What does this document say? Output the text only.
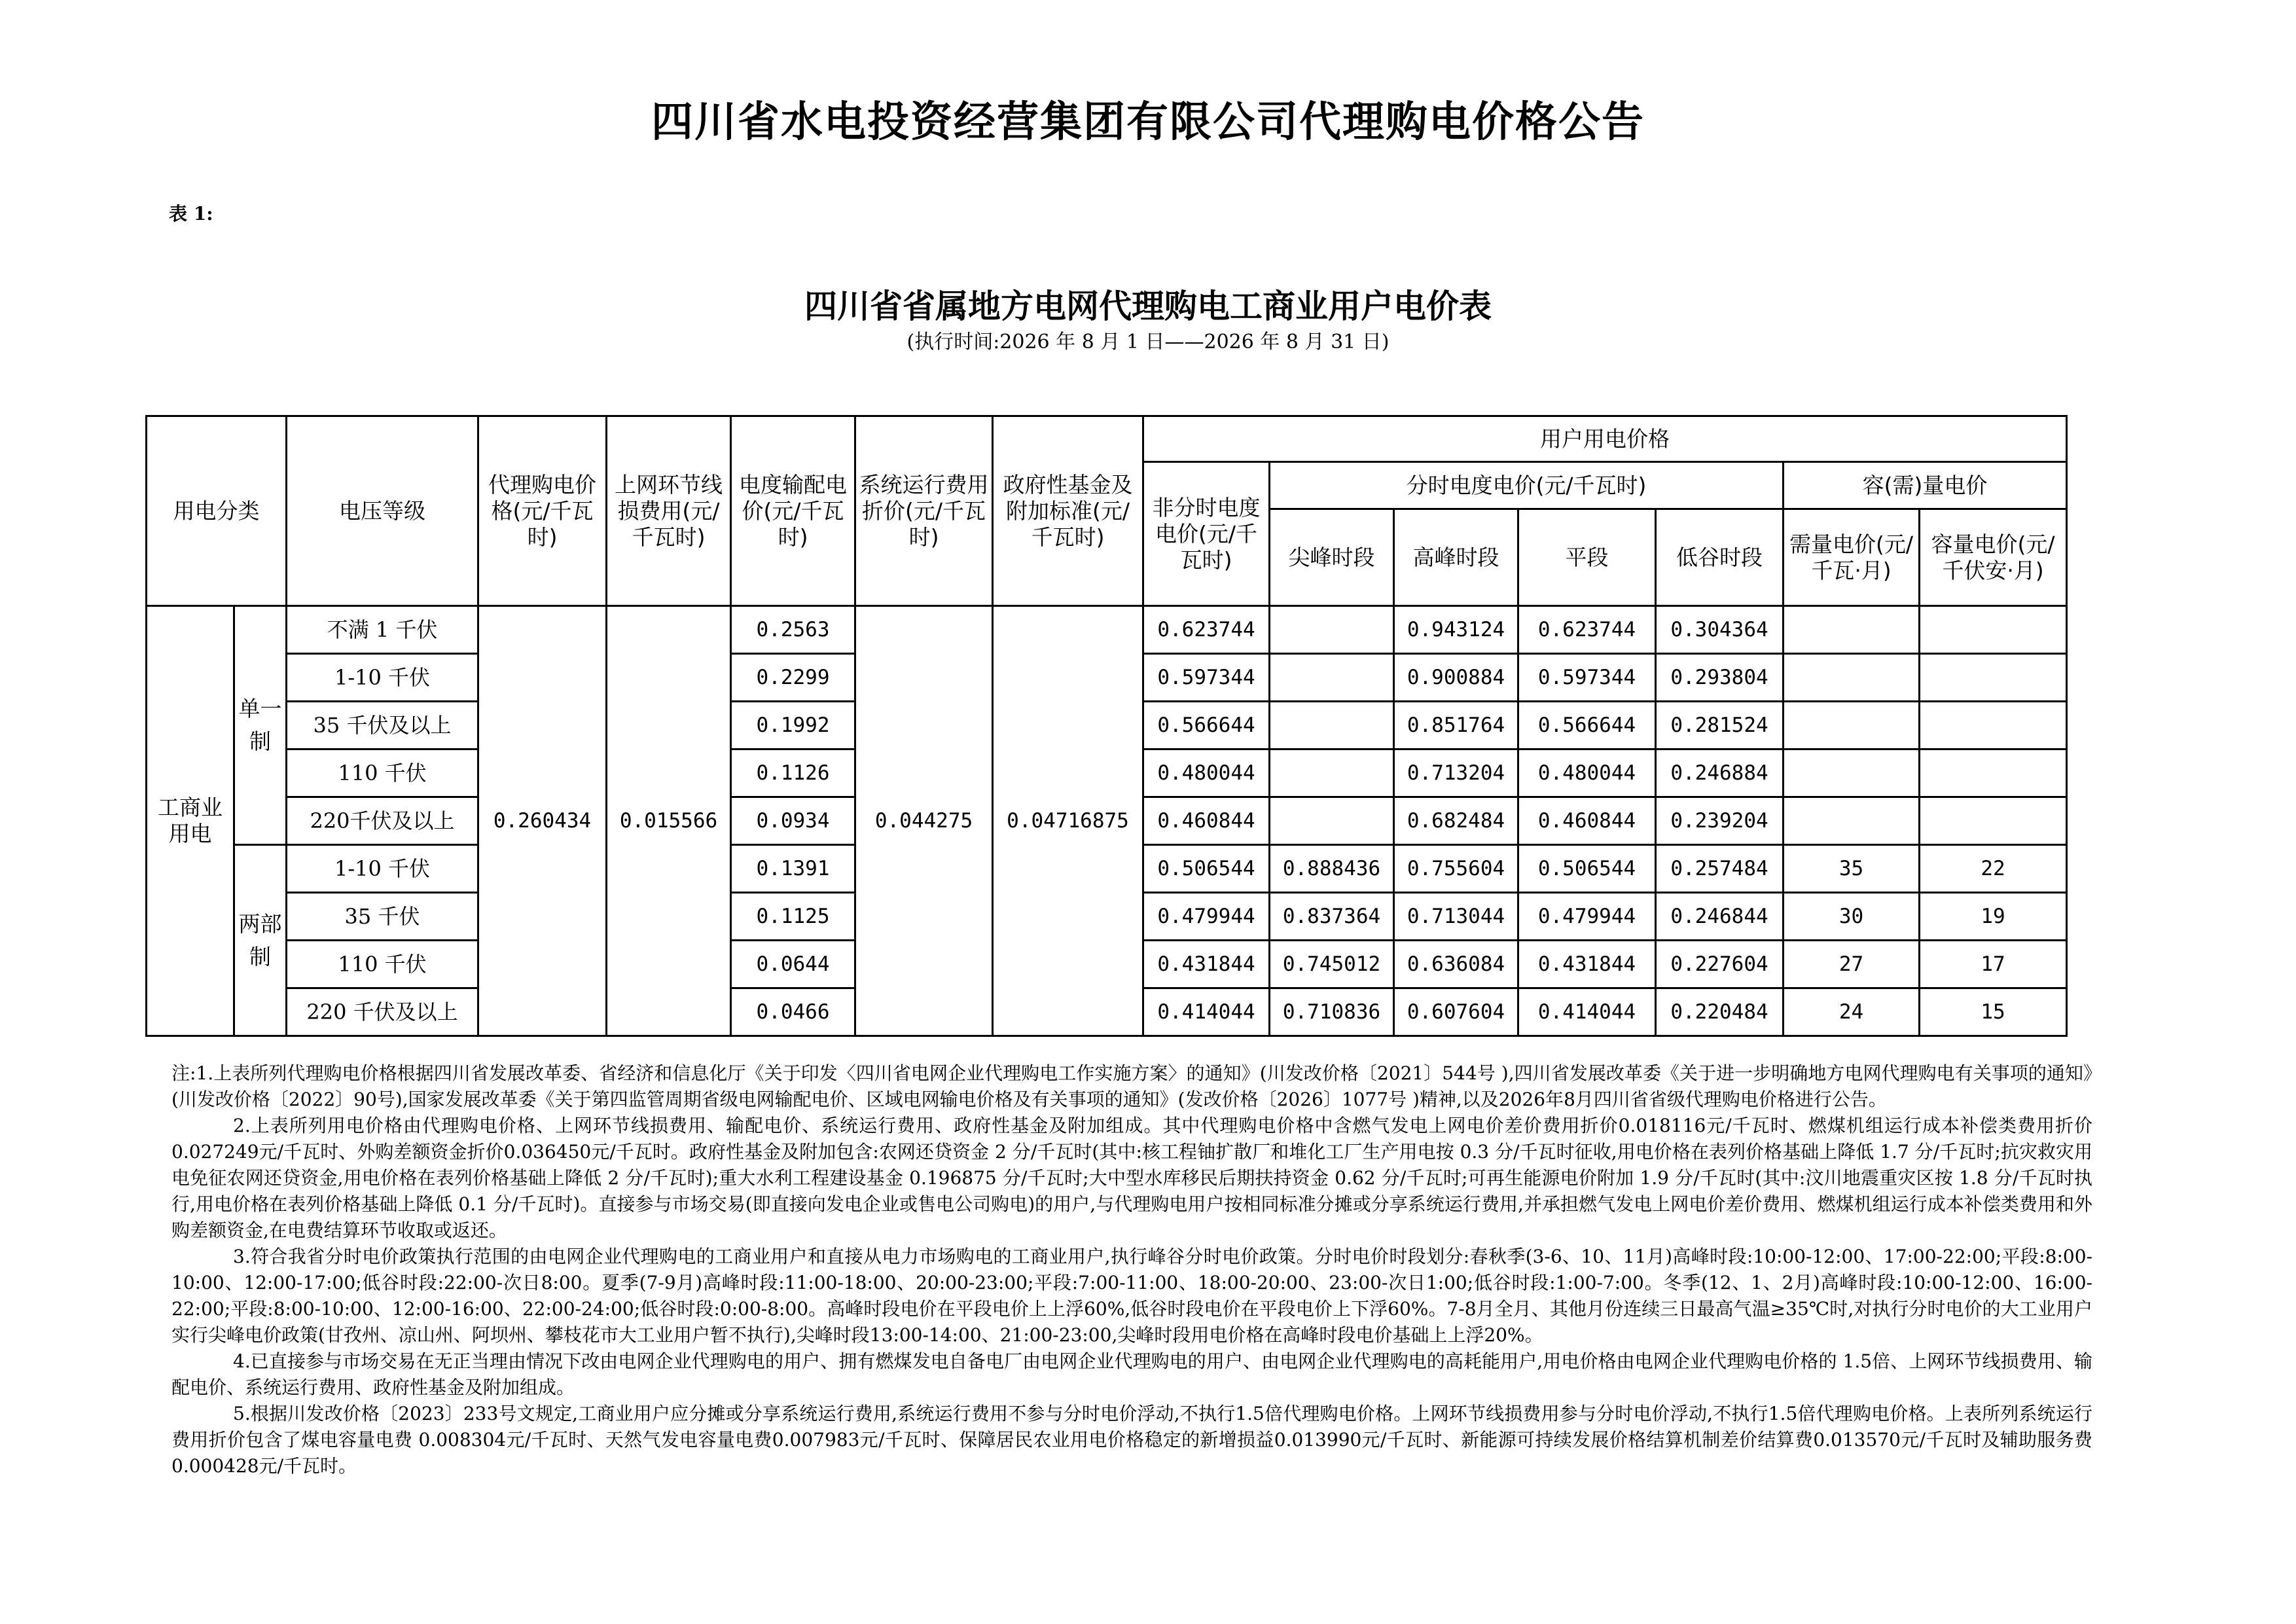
四川省水电投资经营集团有限公司代理购电价格公告
表 1:
四川省省属地方电网代理购电工商业用户电价表
(执行时间:2026 年 8 月 1 日——2026 年 8 月 31 日)
用电分类		电压等级	代理购电价格(元/千瓦时)	上网环节线损费用(元/千瓦时)	电度输配电价(元/千瓦时)	系统运行费用折价(元/千瓦时)	政府性基金及附加标准(元/千瓦时)	用户用电价格						
								非分时电度电价(元/千瓦时)	分时电度电价(元/千瓦时)				容(需)量电价	
									尖峰时段	高峰时段	平段	低谷时段	需量电价(元/千瓦·月)	容量电价(元/千伏安·月)
工商业用电	单一制	不满 1 千伏	0.260434	0.015566	0.2563	0.044275	0.04716875	0.623744		0.943124	0.623744	0.304364		
		1-10 千伏			0.2299			0.597344		0.900884	0.597344	0.293804		
		35 千伏及以上			0.1992			0.566644		0.851764	0.566644	0.281524		
		110 千伏			0.1126			0.480044		0.713204	0.480044	0.246884		
		220千伏及以上			0.0934			0.460844		0.682484	0.460844	0.239204		
	两部制	1-10 千伏			0.1391			0.506544	0.888436	0.755604	0.506544	0.257484	35	22
		35 千伏			0.1125			0.479944	0.837364	0.713044	0.479944	0.246844	30	19
		110 千伏			0.0644			0.431844	0.745012	0.636084	0.431844	0.227604	27	17
		220 千伏及以上			0.0466			0.414044	0.710836	0.607604	0.414044	0.220484	24	15

注:1.上表所列代理购电价格根据四川省发展改革委、省经济和信息化厅《关于印发〈四川省电网企业代理购电工作实施方案〉的通知》(川发改价格〔2021〕544号 ),四川省发展改革委《关于进一步明确地方电网代理购电有关事项的通知》(川发改价格〔2022〕90号),国家发展改革委《关于第四监管周期省级电网输配电价、区域电网输电价格及有关事项的通知》(发改价格〔2026〕1077号 )精神,以及2026年8月四川省省级代理购电价格进行公告。

2.上表所列用电价格由代理购电价格、上网环节线损费用、输配电价、系统运行费用、政府性基金及附加组成。其中代理购电价格中含燃气发电上网电价差价费用折价0.018116元/千瓦时、燃煤机组运行成本补偿类费用折价0.027249元/千瓦时、外购差额资金折价0.036450元/千瓦时。政府性基金及附加包含:农网还贷资金 2 分/千瓦时(其中:核工程铀扩散厂和堆化工厂生产用电按 0.3 分/千瓦时征收,用电价格在表列价格基础上降低 1.7 分/千瓦时;抗灾救灾用电免征农网还贷资金,用电价格在表列价格基础上降低 2 分/千瓦时);重大水利工程建设基金 0.196875 分/千瓦时;大中型水库移民后期扶持资金 0.62 分/千瓦时;可再生能源电价附加 1.9 分/千瓦时(其中:汶川地震重灾区按 1.8 分/千瓦时执行,用电价格在表列价格基础上降低 0.1 分/千瓦时)。直接参与市场交易(即直接向发电企业或售电公司购电)的用户,与代理购电用户按相同标准分摊或分享系统运行费用,并承担燃气发电上网电价差价费用、燃煤机组运行成本补偿类费用和外购差额资金,在电费结算环节收取或返还。

3.符合我省分时电价政策执行范围的由电网企业代理购电的工商业用户和直接从电力市场购电的工商业用户,执行峰谷分时电价政策。分时电价时段划分:春秋季(3-6、10、11月)高峰时段:10:00-12:00、17:00-22:00;平段:8:00-10:00、12:00-17:00;低谷时段:22:00-次日8:00。夏季(7-9月)高峰时段:11:00-18:00、20:00-23:00;平段:7:00-11:00、18:00-20:00、23:00-次日1:00;低谷时段:1:00-7:00。冬季(12、1、2月)高峰时段:10:00-12:00、16:00-22:00;平段:8:00-10:00、12:00-16:00、22:00-24:00;低谷时段:0:00-8:00。高峰时段电价在平段电价上上浮60%,低谷时段电价在平段电价上下浮60%。7-8月全月、其他月份连续三日最高气温≥35℃时,对执行分时电价的大工业用户实行尖峰电价政策(甘孜州、凉山州、阿坝州、攀枝花市大工业用户暂不执行),尖峰时段13:00-14:00、21:00-23:00,尖峰时段用电价格在高峰时段电价基础上上浮20%。

4.已直接参与市场交易在无正当理由情况下改由电网企业代理购电的用户、拥有燃煤发电自备电厂由电网企业代理购电的用户、由电网企业代理购电的高耗能用户,用电价格由电网企业代理购电价格的 1.5倍、上网环节线损费用、输配电价、系统运行费用、政府性基金及附加组成。

5.根据川发改价格〔2023〕233号文规定,工商业用户应分摊或分享系统运行费用,系统运行费用不参与分时电价浮动,不执行1.5倍代理购电价格。上网环节线损费用参与分时电价浮动,不执行1.5倍代理购电价格。上表所列系统运行费用折价包含了煤电容量电费 0.008304元/千瓦时、天然气发电容量电费0.007983元/千瓦时、保障居民农业用电价格稳定的新增损益0.013990元/千瓦时、新能源可持续发展价格结算机制差价结算费0.013570元/千瓦时及辅助服务费0.000428元/千瓦时。
